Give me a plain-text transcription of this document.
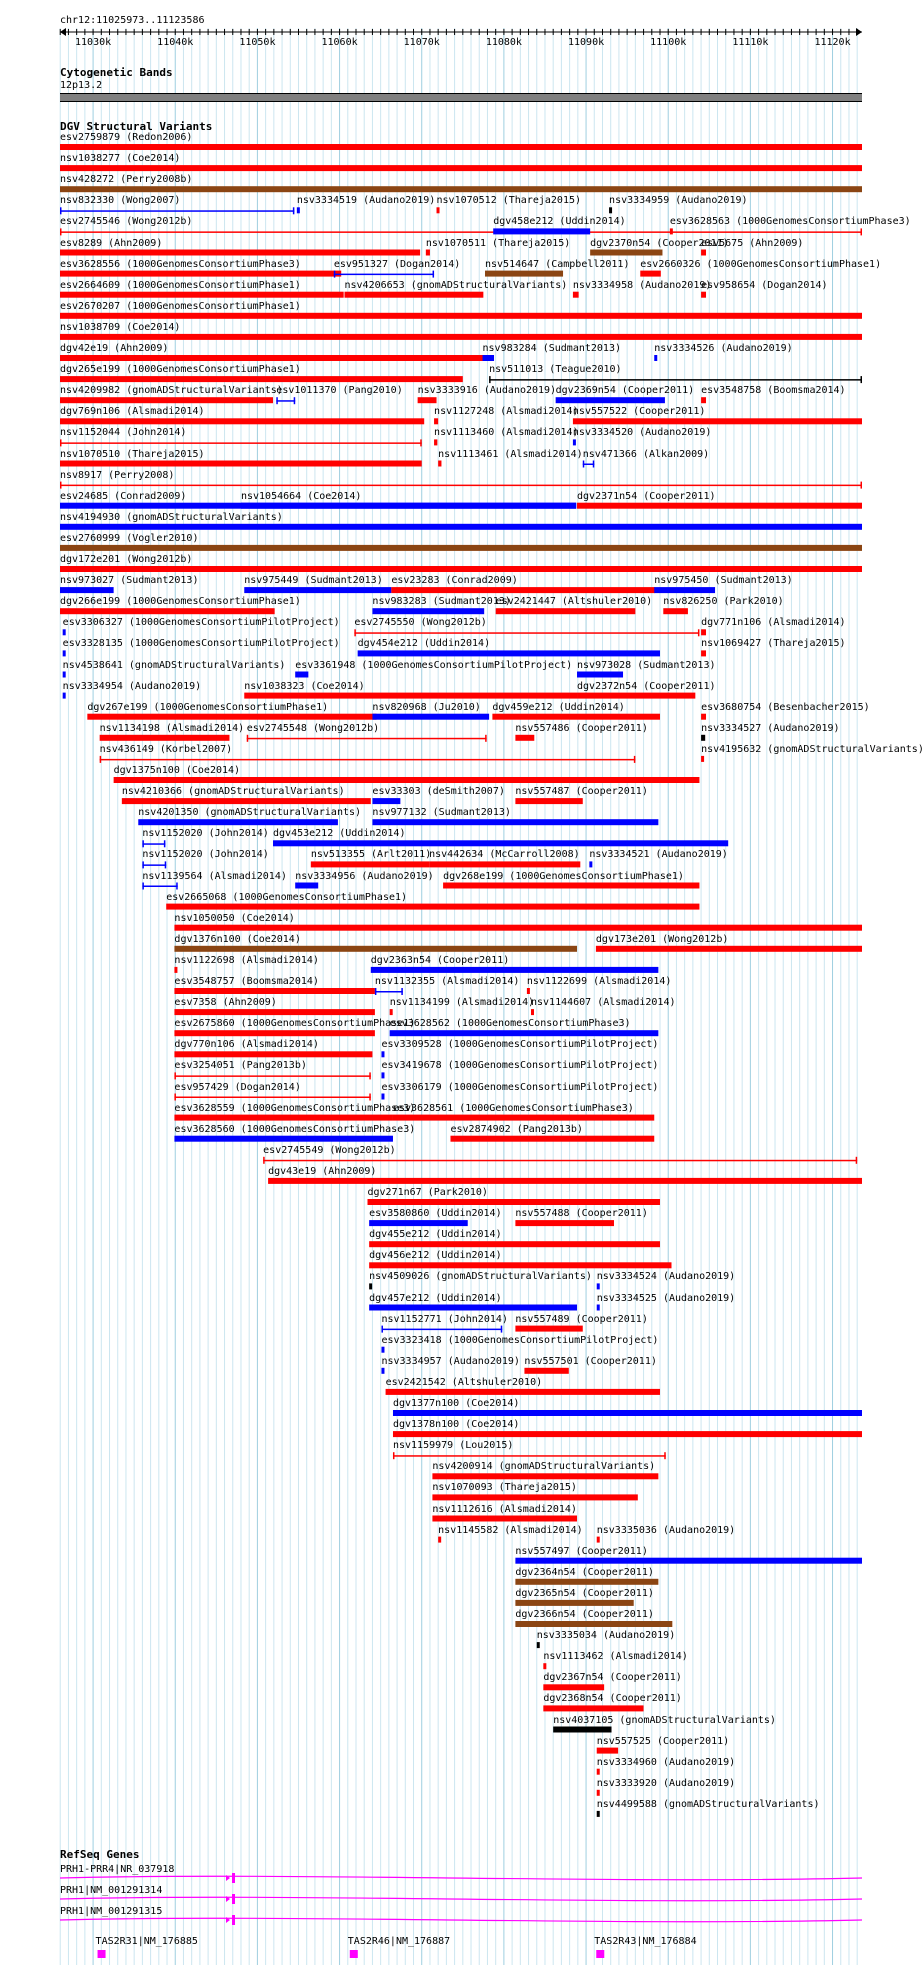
chr12:11025973..11123586
11030k	11040k	11050k	11060k	11070k	11080k	11090k	11100k	11110k	11120k
Cytogenetic Bands
12p13.2
DGV Structural Variants
esv2759879 (Redon2006)
nsv1038277 (Coe2014)
nsv428272 (Perry2008b)
nsv832330 (Wong2007)	nsv3334519 (Audano2019) nsv1070512 (Thareja2015)	nsv3334959 (Audano2019)
esv2745546 (Wong2012b)	dgv458e212 (Uddin2014)	esv3628563 (1000GenomesConsortiumPhase3)
esv8289 (Ahn2009)	nsv1070511 (Thareja2015) dgv2370n54 (Cooper2011)
esv5675 (Ahn2009)
esv3628556 (1000GenomesConsortiumPhase3)	esv951327 (Dogan2014) nsv514647 (Campbell2011) esv2660326 (1000GenomesConsortiumPhase1)
esv2664609 (1000GenomesConsortiumPhase1)	nsv4206653 (gnomADStructuralVariants) nsv3334958 (Audano2019)
esv958654 (Dogan2014)
esv2670207 (1000GenomesConsortiumPhase1)
nsv1038709 (Coe2014)
dgv42e19 (Ahn2009)	nsv983284 (Sudmant2013)	nsv3334526 (Audano2019)
dgv265e199 (1000GenomesConsortiumPhase1)	nsv511013 (Teague2010)
nsv4209982 (gnomADStructuralVariants)
esv1011370 (Pang2010) nsv3333916 (Audano2019) dgv2369n54 (Cooper2011) esv3548758 (Boomsma2014)
dgv769n106 (Alsmadi2014)	nsv1127248 (Alsmadi2014)
nsv557522 (Cooper2011)
nsv1152044 (John2014)	nsv1113460 (Alsmadi2014)
nsv3334520 (Audano2019)
nsv1070510 (Thareja2015)	nsv1113461 (Alsmadi2014) nsv471366 (Alkan2009)
nsv8917 (Perry2008)
esv24685 (Conrad2009)	nsv1054664 (Coe2014)	dgv2371n54 (Cooper2011)
nsv4194930 (gnomADStructuralVariants)
esv2760999 (Vogler2010)
dgv172e201 (Wong2012b)
nsv973027 (Sudmant2013)	nsv975449 (Sudmant2013) esv23283 (Conrad2009)	nsv975450 (Sudmant2013)
dgv266e199 (1000GenomesConsortiumPhase1)	nsv983283 (Sudmant2013)
esv2421447 (Altshuler2010) nsv826250 (Park2010)
esv3306327 (1000GenomesConsortiumPilotProject) esv2745550 (Wong2012b)	dgv771n106 (Alsmadi2014)
esv3328135 (1000GenomesConsortiumPilotProject) dgv454e212 (Uddin2014)	nsv1069427 (Thareja2015)
nsv4538641 (gnomADStructuralVariants) esv3361948 (1000GenomesConsortiumPilotProject) nsv973028 (Sudmant2013)
nsv3334954 (Audano2019)	nsv1038323 (Coe2014)	dgv2372n54 (Cooper2011)
dgv267e199 (1000GenomesConsortiumPhase1)	nsv820968 (Ju2010) dgv459e212 (Uddin2014)	esv3680754 (Besenbacher2015)
nsv1134198 (Alsmadi2014) esv2745548 (Wong2012b)	nsv557486 (Cooper2011)	nsv3334527 (Audano2019)
nsv436149 (Korbel2007)	nsv4195632 (gnomADStructuralVariants)
dgv1375n100 (Coe2014)
nsv4210366 (gnomADStructuralVariants)	esv33303 (deSmith2007) nsv557487 (Cooper2011)
nsv4201350 (gnomADStructuralVariants) nsv977132 (Sudmant2013)
nsv1152020 (John2014) dgv453e212 (Uddin2014)
nsv1152020 (John2014)	nsv513355 (Arlt2011)
nsv442634 (McCarroll2008) nsv3334521 (Audano2019)
nsv1139564 (Alsmadi2014) nsv3334956 (Audano2019) dgv268e199 (1000GenomesConsortiumPhase1)
esv2665068 (1000GenomesConsortiumPhase1)
nsv1050050 (Coe2014)
dgv1376n100 (Coe2014)	dgv173e201 (Wong2012b)
nsv1122698 (Alsmadi2014)	dgv2363n54 (Cooper2011)
esv3548757 (Boomsma2014)	nsv1132355 (Alsmadi2014) nsv1122699 (Alsmadi2014)
esv7358 (Ahn2009)	nsv1134199 (Alsmadi2014)
nsv1144607 (Alsmadi2014)
esv2675860 (1000GenomesConsortiumPhase1)
esv3628562 (1000GenomesConsortiumPhase3)
dgv770n106 (Alsmadi2014)	esv3309528 (1000GenomesConsortiumPilotProject)
esv3254051 (Pang2013b)	esv3419678 (1000GenomesConsortiumPilotProject)
esv957429 (Dogan2014)	esv3306179 (1000GenomesConsortiumPilotProject)
esv3628559 (1000GenomesConsortiumPhase3)
esv3628561 (1000GenomesConsortiumPhase3)
esv3628560 (1000GenomesConsortiumPhase3)	esv2874902 (Pang2013b)
esv2745549 (Wong2012b)
dgv43e19 (Ahn2009)
dgv271n67 (Park2010)
esv3580860 (Uddin2014) nsv557488 (Cooper2011)
dgv455e212 (Uddin2014)
dgv456e212 (Uddin2014)
nsv4509026 (gnomADStructuralVariants) nsv3334524 (Audano2019)
dgv457e212 (Uddin2014)	nsv3334525 (Audano2019)
nsv1152771 (John2014) nsv557489 (Cooper2011)
esv3323418 (1000GenomesConsortiumPilotProject)
nsv3334957 (Audano2019) nsv557501 (Cooper2011)
esv2421542 (Altshuler2010)
dgv1377n100 (Coe2014)
dgv1378n100 (Coe2014)
nsv1159979 (Lou2015)
nsv4200914 (gnomADStructuralVariants)
nsv1070093 (Thareja2015)
nsv1112616 (Alsmadi2014)
nsv1145582 (Alsmadi2014) nsv3335036 (Audano2019)
nsv557497 (Cooper2011)
dgv2364n54 (Cooper2011)
dgv2365n54 (Cooper2011)
dgv2366n54 (Cooper2011)
nsv3335034 (Audano2019)
nsv1113462 (Alsmadi2014)
dgv2367n54 (Cooper2011)
dgv2368n54 (Cooper2011)
nsv4037105 (gnomADStructuralVariants)
nsv557525 (Cooper2011)
nsv3334960 (Audano2019)
nsv3333920 (Audano2019)
nsv4499588 (gnomADStructuralVariants)
RefSeq Genes
PRH1-PRR4|NR_037918
PRH1|NM_001291314
PRH1|NM_001291315
TAS2R31|NM_176885	TAS2R46|NM_176887	TAS2R43|NM_176884
